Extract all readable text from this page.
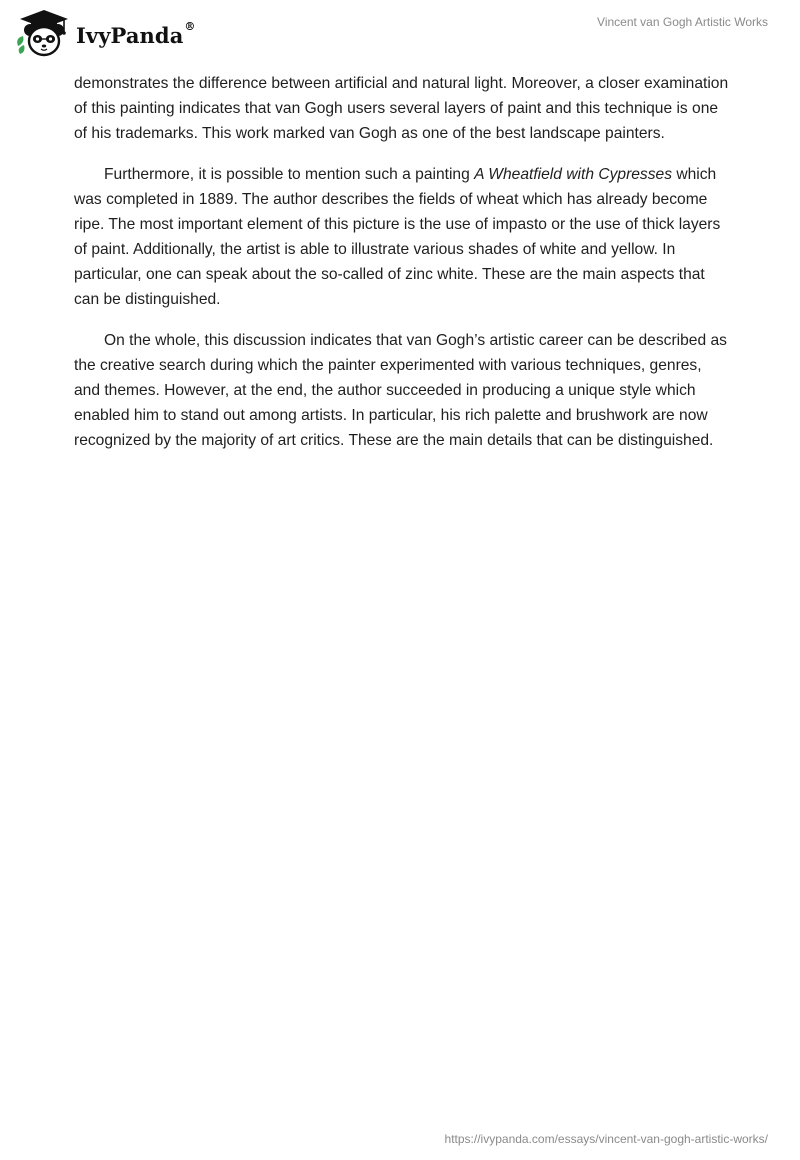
IvyPanda®	Vincent van Gogh Artistic Works

demonstrates the difference between artificial and natural light. Moreover, a closer examination of this painting indicates that van Gogh users several layers of paint and this technique is one of his trademarks. This work marked van Gogh as one of the best landscape painters.

Furthermore, it is possible to mention such a painting A Wheatfield with Cypresses which was completed in 1889. The author describes the fields of wheat which has already become ripe. The most important element of this picture is the use of impasto or the use of thick layers of paint. Additionally, the artist is able to illustrate various shades of white and yellow. In particular, one can speak about the so-called of zinc white. These are the main aspects that can be distinguished.

On the whole, this discussion indicates that van Gogh’s artistic career can be described as the creative search during which the painter experimented with various techniques, genres, and themes. However, at the end, the author succeeded in producing a unique style which enabled him to stand out among artists. In particular, his rich palette and brushwork are now recognized by the majority of art critics. These are the main details that can be distinguished.

https://ivypanda.com/essays/vincent-van-gogh-artistic-works/
